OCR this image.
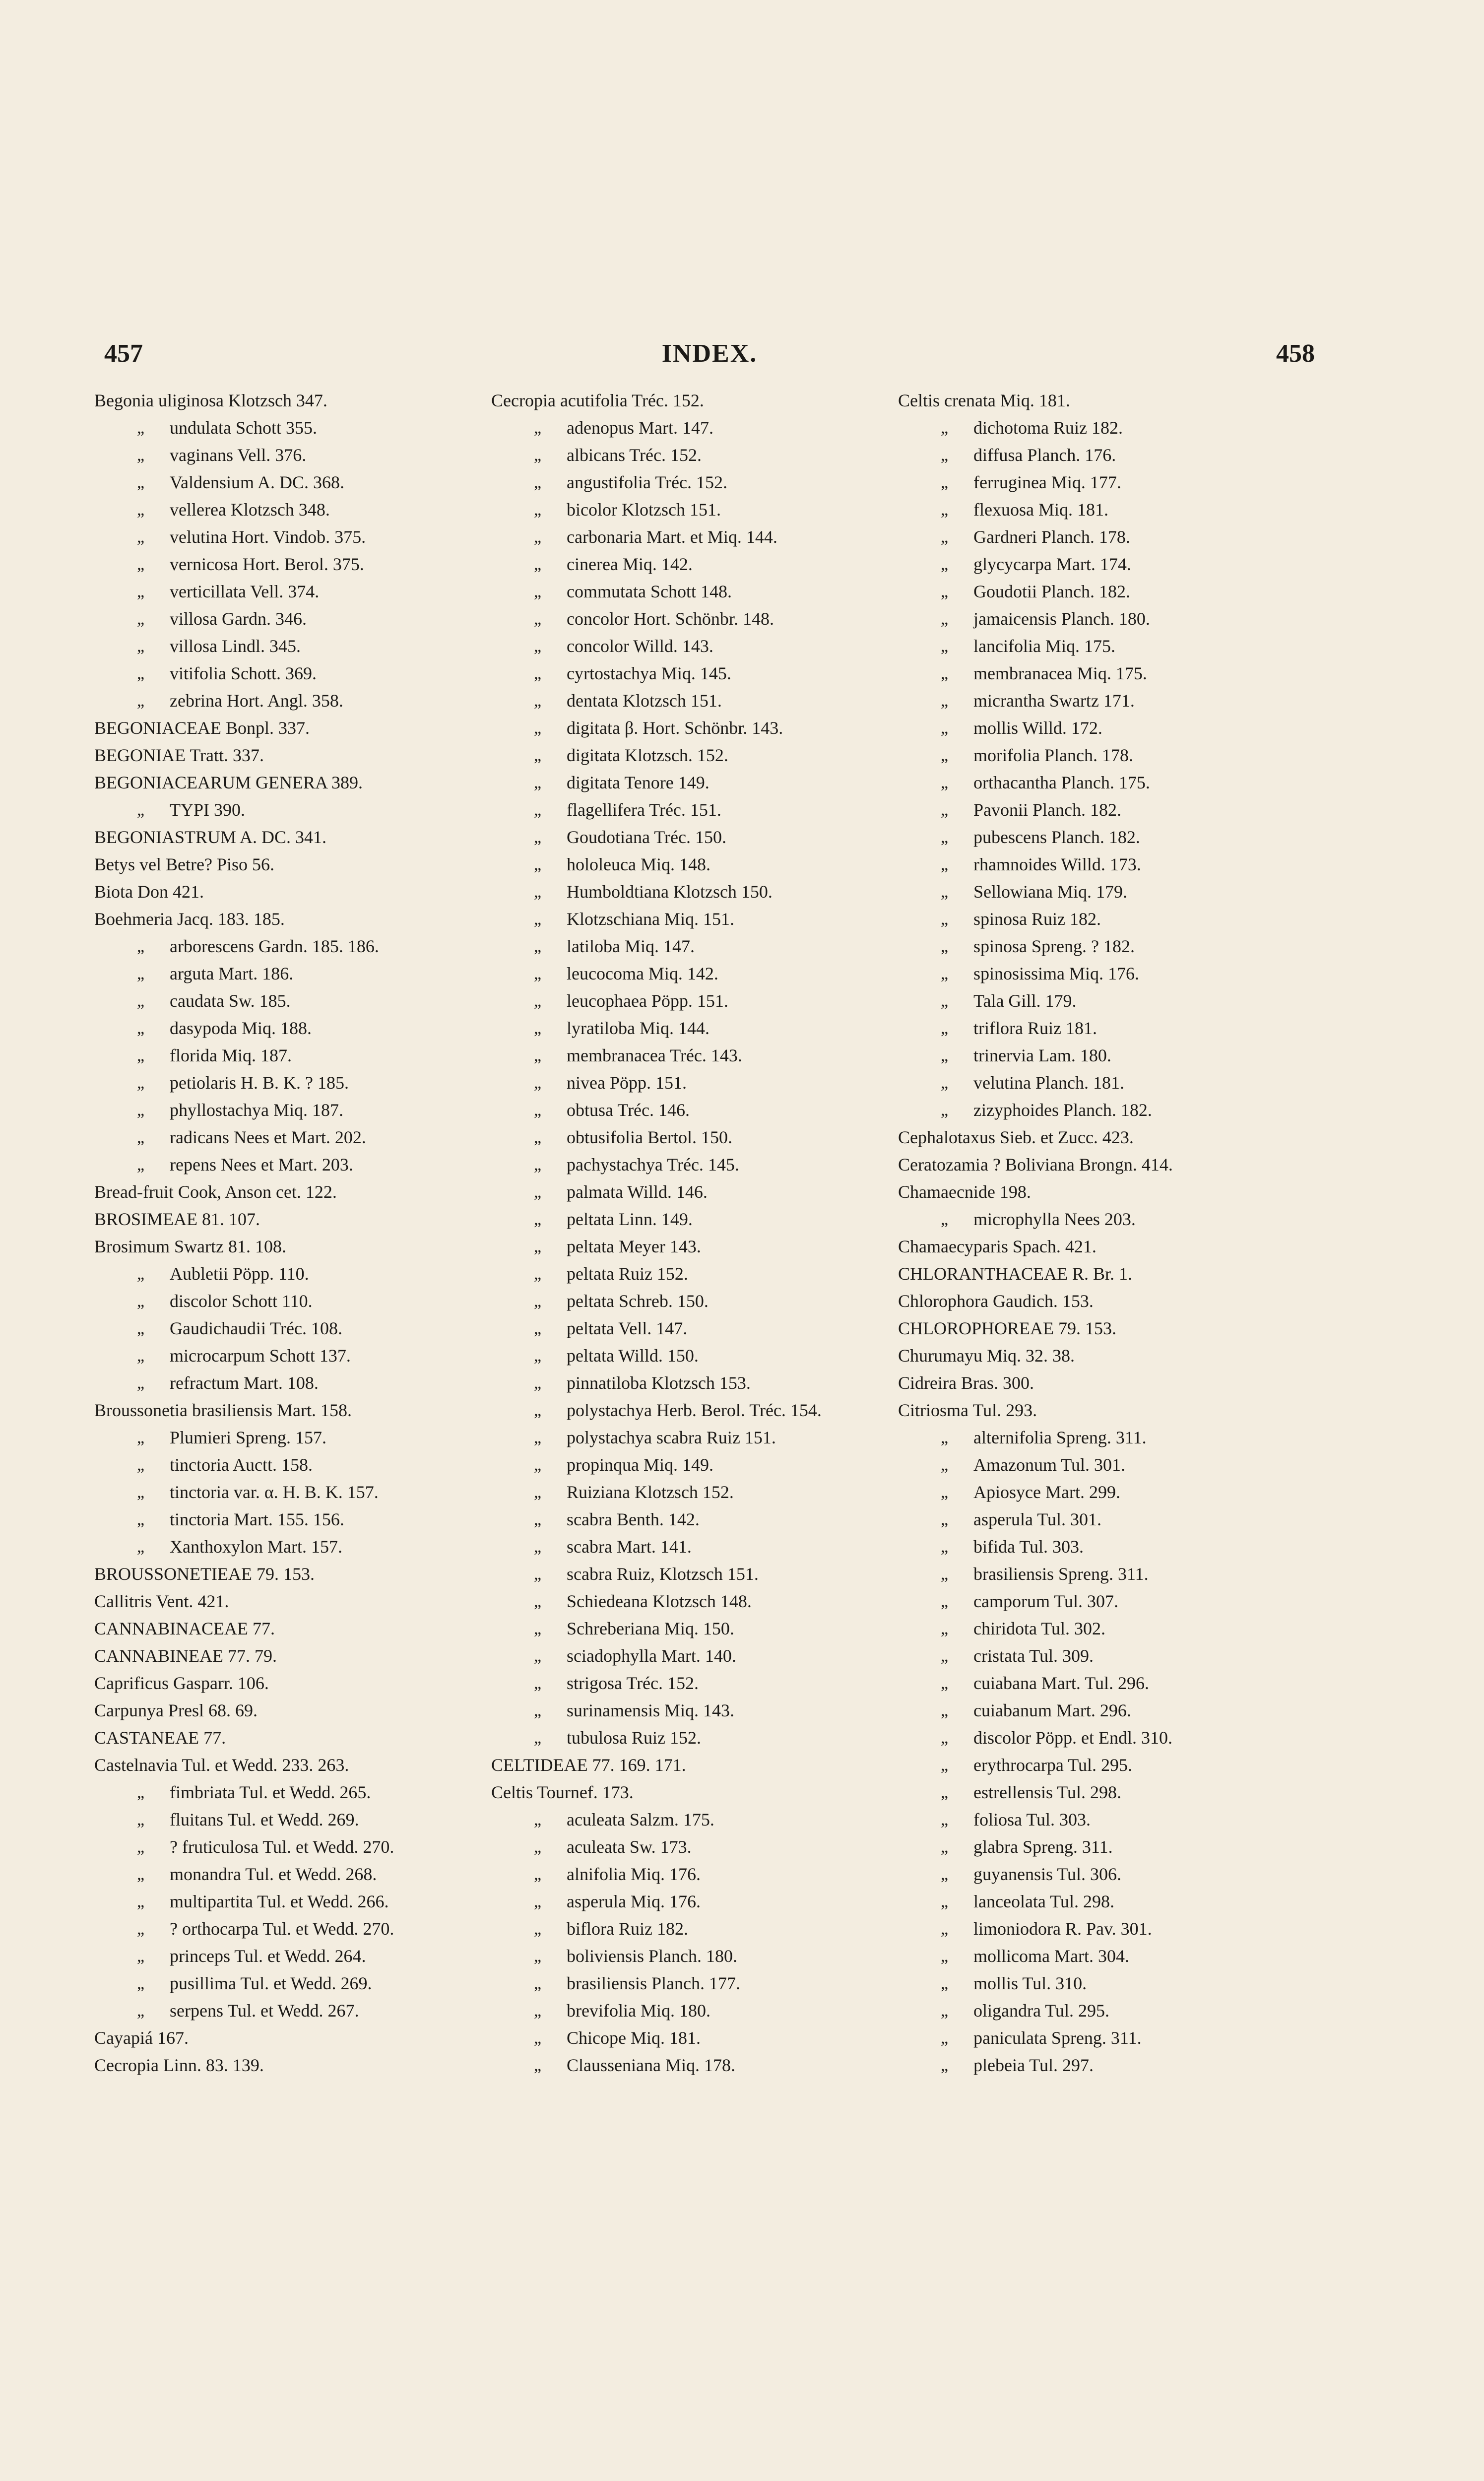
457	INDEX.	458
Begonia uliginosa Klotzsch 347.
„ undulata Schott 355.
„ vaginans Vell. 376.
„ Valdensium A. DC. 368.
„ vellerea Klotzsch 348.
„ velutina Hort. Vindob. 375.
„ vernicosa Hort. Berol. 375.
„ verticillata Vell. 374.
„ villosa Gardn. 346.
„ villosa Lindl. 345.
„ vitifolia Schott. 369.
„ zebrina Hort. Angl. 358.
BEGONIACEAE Bonpl. 337.
BEGONIAE Tratt. 337.
BEGONIACEARUM GENERA 389.
„ TYPI 390.
BEGONIASTRUM A. DC. 341.
Betys vel Betre? Piso 56.
Biota Don 421.
Boehmeria Jacq. 183. 185.
„ arborescens Gardn. 185. 186.
„ arguta Mart. 186.
„ caudata Sw. 185.
„ dasypoda Miq. 188.
„ florida Miq. 187.
„ petiolaris H. B. K. ? 185.
„ phyllostachya Miq. 187.
„ radicans Nees et Mart. 202.
„ repens Nees et Mart. 203.
Bread-fruit Cook, Anson cet. 122.
BROSIMEAE 81. 107.
Brosimum Swartz 81. 108.
„ Aubletii Pöpp. 110.
„ discolor Schott 110.
„ Gaudichaudii Tréc. 108.
„ microcarpum Schott 137.
„ refractum Mart. 108.
Broussonetia brasiliensis Mart. 158.
„ Plumieri Spreng. 157.
„ tinctoria Auctt. 158.
„ tinctoria var. α. H. B. K. 157.
„ tinctoria Mart. 155. 156.
„ Xanthoxylon Mart. 157.
BROUSSONETIEAE 79. 153.
Callitris Vent. 421.
CANNABINACEAE 77.
CANNABINEAE 77. 79.
Caprificus Gasparr. 106.
Carpunya Presl 68. 69.
CASTANEAE 77.
Castelnavia Tul. et Wedd. 233. 263.
„ fimbriata Tul. et Wedd. 265.
„ fluitans Tul. et Wedd. 269.
„ ? fruticulosa Tul. et Wedd. 270.
„ monandra Tul. et Wedd. 268.
„ multipartita Tul. et Wedd. 266.
„ ? orthocarpa Tul. et Wedd. 270.
„ princeps Tul. et Wedd. 264.
„ pusillima Tul. et Wedd. 269.
„ serpens Tul. et Wedd. 267.
Cayapiá 167.
Cecropia Linn. 83. 139.
Cecropia acutifolia Tréc. 152.
„ adenopus Mart. 147.
„ albicans Tréc. 152.
„ angustifolia Tréc. 152.
„ bicolor Klotzsch 151.
„ carbonaria Mart. et Miq. 144.
„ cinerea Miq. 142.
„ commutata Schott 148.
„ concolor Hort. Schönbr. 148.
„ concolor Willd. 143.
„ cyrtostachya Miq. 145.
„ dentata Klotzsch 151.
„ digitata β. Hort. Schönbr. 143.
„ digitata Klotzsch. 152.
„ digitata Tenore 149.
„ flagellifera Tréc. 151.
„ Goudotiana Tréc. 150.
„ hololeuca Miq. 148.
„ Humboldtiana Klotzsch 150.
„ Klotzschiana Miq. 151.
„ latiloba Miq. 147.
„ leucocoma Miq. 142.
„ leucophaea Pöpp. 151.
„ lyratiloba Miq. 144.
„ membranacea Tréc. 143.
„ nivea Pöpp. 151.
„ obtusa Tréc. 146.
„ obtusifolia Bertol. 150.
„ pachystachya Tréc. 145.
„ palmata Willd. 146.
„ peltata Linn. 149.
„ peltata Meyer 143.
„ peltata Ruiz 152.
„ peltata Schreb. 150.
„ peltata Vell. 147.
„ peltata Willd. 150.
„ pinnatiloba Klotzsch 153.
„ polystachya Herb. Berol. Tréc. 154.
„ polystachya scabra Ruiz 151.
„ propinqua Miq. 149.
„ Ruiziana Klotzsch 152.
„ scabra Benth. 142.
„ scabra Mart. 141.
„ scabra Ruiz, Klotzsch 151.
„ Schiedeana Klotzsch 148.
„ Schreberiana Miq. 150.
„ sciadophylla Mart. 140.
„ strigosa Tréc. 152.
„ surinamensis Miq. 143.
„ tubulosa Ruiz 152.
CELTIDEAE 77. 169. 171.
Celtis Tournef. 173.
„ aculeata Salzm. 175.
„ aculeata Sw. 173.
„ alnifolia Miq. 176.
„ asperula Miq. 176.
„ biflora Ruiz 182.
„ boliviensis Planch. 180.
„ brasiliensis Planch. 177.
„ brevifolia Miq. 180.
„ Chicope Miq. 181.
„ Claussenіana Miq. 178.
Celtis crenata Miq. 181.
„ dichotoma Ruiz 182.
„ diffusa Planch. 176.
„ ferruginea Miq. 177.
„ flexuosa Miq. 181.
„ Gardneri Planch. 178.
„ glycycarpa Mart. 174.
„ Goudotii Planch. 182.
„ jamaicensis Planch. 180.
„ lancifolia Miq. 175.
„ membranacea Miq. 175.
„ micrantha Swartz 171.
„ mollis Willd. 172.
„ morifolia Planch. 178.
„ orthacantha Planch. 175.
„ Pavonii Planch. 182.
„ pubescens Planch. 182.
„ rhamnoides Willd. 173.
„ Sellowiana Miq. 179.
„ spinosa Ruiz 182.
„ spinosa Spreng. ? 182.
„ spinosissima Miq. 176.
„ Tala Gill. 179.
„ triflora Ruiz 181.
„ trinervia Lam. 180.
„ velutina Planch. 181.
„ zizyphoides Planch. 182.
Cephalotaxus Sieb. et Zucc. 423.
Ceratozamia ? Boliviana Brongn. 414.
Chamaecnide 198.
„ microphylla Nees 203.
Chamaecyparis Spach. 421.
CHLORANTHACEAE R. Br. 1.
Chlorophora Gaudich. 153.
CHLOROPHOREAE 79. 153.
Churumayu Miq. 32. 38.
Cidreira Bras. 300.
Citriosma Tul. 293.
„ alternifolia Spreng. 311.
„ Amazonum Tul. 301.
„ Apiosyce Mart. 299.
„ asperula Tul. 301.
„ bifida Tul. 303.
„ brasiliensis Spreng. 311.
„ camporum Tul. 307.
„ chiridota Tul. 302.
„ cristata Tul. 309.
„ cuiabana Mart. Tul. 296.
„ cuiabanum Mart. 296.
„ discolor Pöpp. et Endl. 310.
„ erythrocarpa Tul. 295.
„ estrellensis Tul. 298.
„ foliosa Tul. 303.
„ glabra Spreng. 311.
„ guyanensis Tul. 306.
„ lanceolata Tul. 298.
„ limoniodora R. Pav. 301.
„ mollicoma Mart. 304.
„ mollis Tul. 310.
„ oligandra Tul. 295.
„ paniculata Spreng. 311.
„ plebeia Tul. 297.
